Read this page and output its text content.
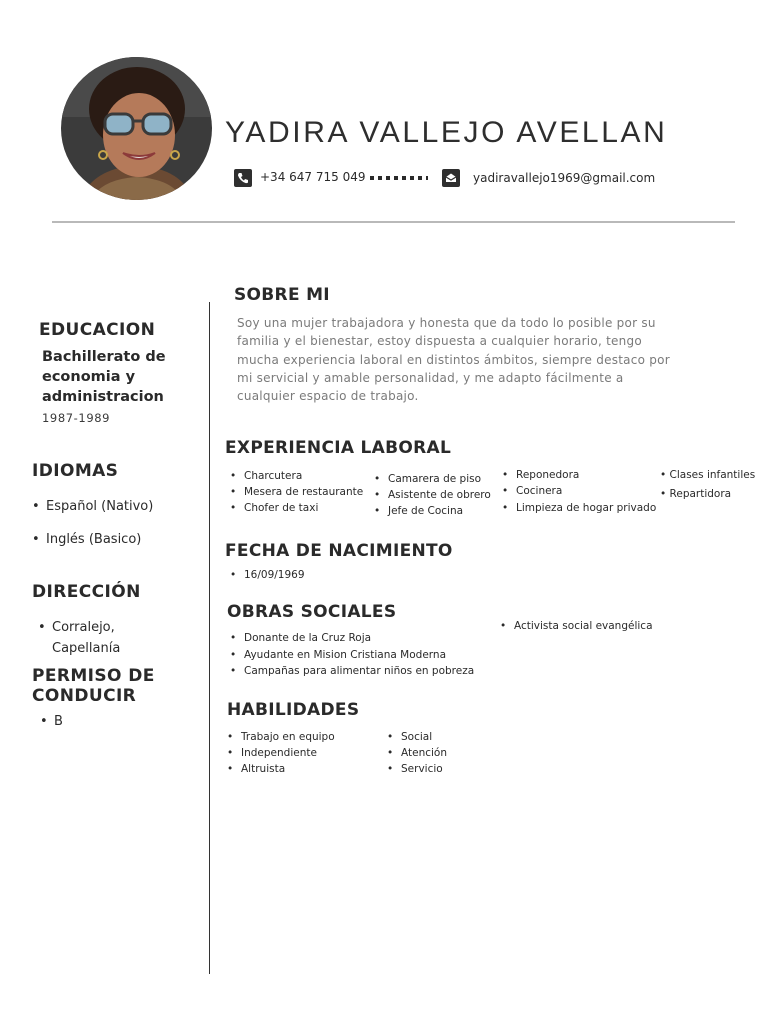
YADIRA VALLEJO AVELLAN
+34 647 715 049	yadiravallejo1969@gmail.com
EDUCACION
Bachillerato de
economia y
administracion
1987-1989
IDIOMAS
• Español (Nativo)
• Inglés (Basico)
DIRECCIÓN
• Corralejo,
Capellanía
PERMISO DE
CONDUCIR
• B
SOBRE MI
Soy una mujer trabajadora y honesta que da todo lo posible por su
familia y el bienestar, estoy dispuesta a cualquier horario, tengo
mucha experiencia laboral en distintos ámbitos, siempre destaco por
mi servicial y amable personalidad, y me adapto fácilmente a
cualquier espacio de trabajo.
EXPERIENCIA LABORAL
• Charcutera
• Mesera de restaurante
• Chofer de taxi
• Camarera de piso
• Asistente de obrero
• Jefe de Cocina
• Reponedora
• Cocinera
• Limpieza de hogar privado
• Clases infantiles
• Repartidora
FECHA DE NACIMIENTO
• 16/09/1969
OBRAS SOCIALES
• Donante de la Cruz Roja
• Ayudante en Mision Cristiana Moderna
• Campañas para alimentar niños en pobreza
• Activista social evangélica
HABILIDADES
• Trabajo en equipo
• Independiente
• Altruista
• Social
• Atención
• Servicio
